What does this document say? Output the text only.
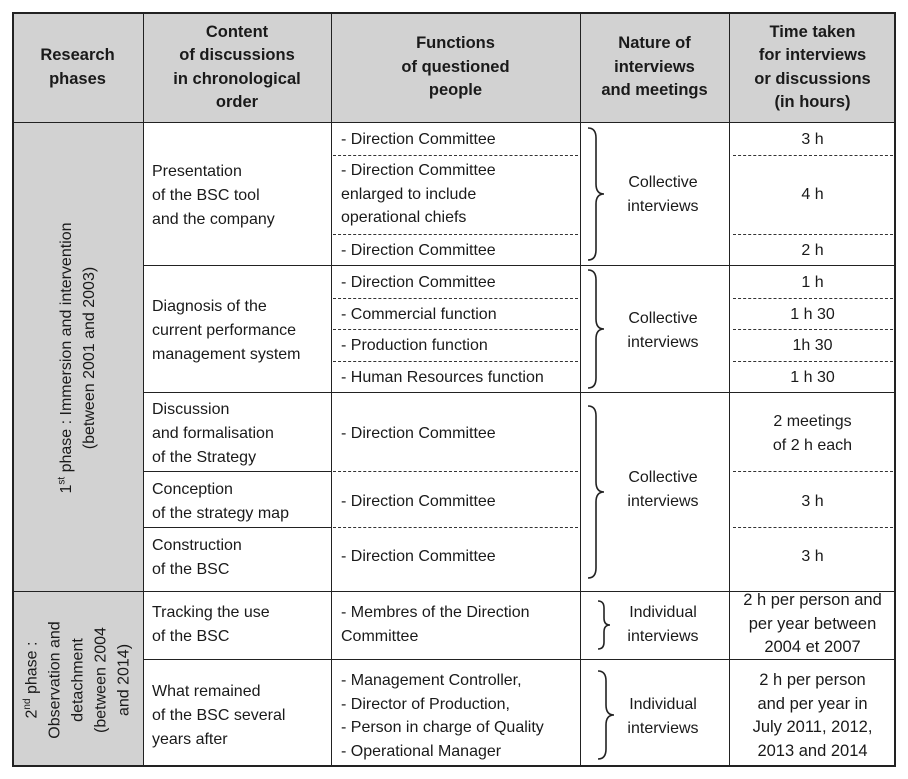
Research
phases
Content
of discussions
in chronological
order
Functions
of questioned
people
Nature of
interviews
and meetings
Time taken
for interviews
or discussions
(in hours)
1st phase : Immersion and intervention (between 2001 and 2003)
2nd phase : Observation and detachment (between 2004 and 2014)
Presentation
of the BSC tool
and the company
Diagnosis of the
current performance
management system
Discussion
and formalisation
of the Strategy
Conception
of the strategy map
Construction
of the BSC
Tracking the use
of the BSC
What remained
of the BSC several
years after
- Direction Committee
- Direction Committee
enlarged to include
operational chiefs
- Direction Committee
- Direction Committee
- Commercial function
- Production function
- Human Resources function
- Direction Committee
- Direction Committee
- Direction Committee
- Membres of the Direction
Committee
- Management Controller,
- Director of Production,
- Person in charge of Quality
- Operational Manager
Collective
interviews
Collective
interviews
Collective
interviews
Individual
interviews
Individual
interviews
3 h
4 h
2 h
1 h
1 h 30
1h 30
1 h 30
2 meetings
of 2 h each
3 h
3 h
2 h per person and
per year between
2004 et 2007
2 h per person
and per year in
July 2011, 2012,
2013 and 2014
